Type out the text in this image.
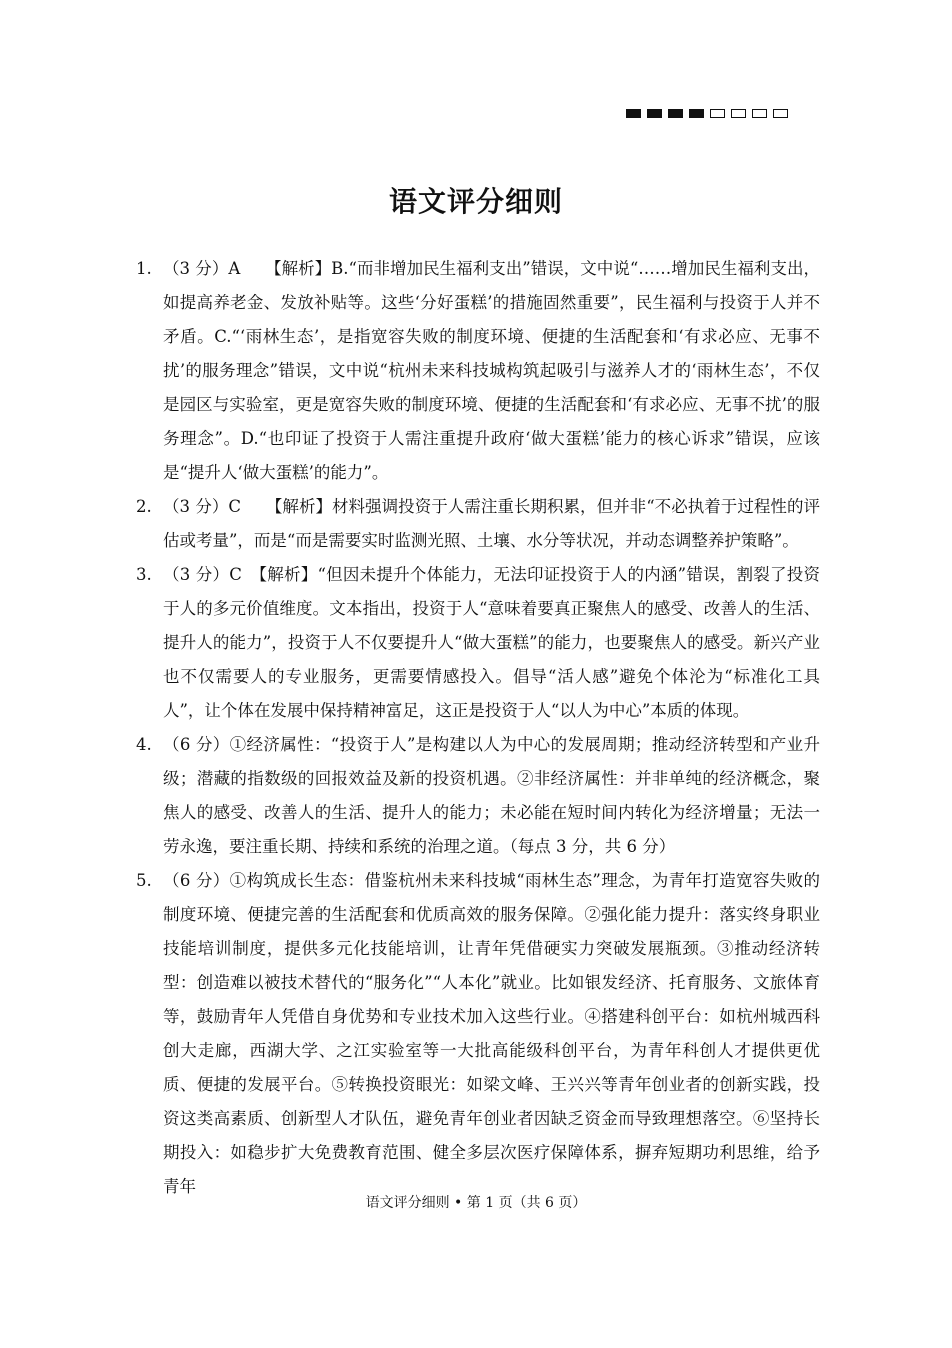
语文评分细则
1. （3 分）A　　【解析】B.“而非增加民生福利支出”错误，文中说“……增加民生福利支出，如提高养老金、发放补贴等。这些‘分好蛋糕’的措施固然重要”，民生福利与投资于人并不矛盾。C.“‘雨林生态’，是指宽容失败的制度环境、便捷的生活配套和‘有求必应、无事不扰’的服务理念”错误，文中说“杭州未来科技城构筑起吸引与滋养人才的‘雨林生态’，不仅是园区与实验室，更是宽容失败的制度环境、便捷的生活配套和‘有求必应、无事不扰’的服务理念”。D.“也印证了投资于人需注重提升政府‘做大蛋糕’能力的核心诉求”错误，应该是“提升人‘做大蛋糕’的能力”。
2. （3 分）C　　【解析】材料强调投资于人需注重长期积累，但并非“不必执着于过程性的评估或考量”，而是“而是需要实时监测光照、土壤、水分等状况，并动态调整养护策略”。
3. （3 分）C　【解析】“但因未提升个体能力，无法印证投资于人的内涵”错误，割裂了投资于人的多元价值维度。文本指出，投资于人“意味着要真正聚焦人的感受、改善人的生活、提升人的能力”，投资于人不仅要提升人“做大蛋糕”的能力，也要聚焦人的感受。新兴产业也不仅需要人的专业服务，更需要情感投入。倡导“活人感”避免个体沦为“标准化工具人”，让个体在发展中保持精神富足，这正是投资于人“以人为中心”本质的体现。
4. （6 分）①经济属性：“投资于人”是构建以人为中心的发展周期；推动经济转型和产业升级；潜藏的指数级的回报效益及新的投资机遇。②非经济属性：并非单纯的经济概念，聚焦人的感受、改善人的生活、提升人的能力；未必能在短时间内转化为经济增量；无法一劳永逸，要注重长期、持续和系统的治理之道。（每点 3 分，共 6 分）
5. （6 分）①构筑成长生态：借鉴杭州未来科技城“雨林生态”理念，为青年打造宽容失败的制度环境、便捷完善的生活配套和优质高效的服务保障。②强化能力提升：落实终身职业技能培训制度，提供多元化技能培训，让青年凭借硬实力突破发展瓶颈。③推动经济转型：创造难以被技术替代的“服务化”“人本化”就业。比如银发经济、托育服务、文旅体育等，鼓励青年人凭借自身优势和专业技术加入这些行业。④搭建科创平台：如杭州城西科创大走廊，西湖大学、之江实验室等一大批高能级科创平台，为青年科创人才提供更优质、便捷的发展平台。⑤转换投资眼光：如梁文峰、王兴兴等青年创业者的创新实践，投资这类高素质、创新型人才队伍，避免青年创业者因缺乏资金而导致理想落空。⑥坚持长期投入：如稳步扩大免费教育范围、健全多层次医疗保障体系，摒弃短期功利思维，给予青年
语文评分细则 • 第 1 页（共 6 页）
